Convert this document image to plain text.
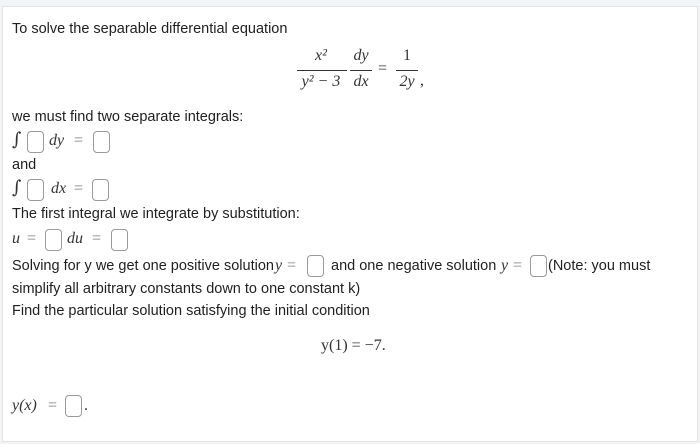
To solve the separable differential equation
x²
y² − 3
dy
dx
=
1
2y ,
we must find two separate integrals:
∫ dy =
and
∫ dx =
The first integral we integrate by substitution:
u = du =
Solving for y we get one positive solution y = and one negative solution y = (Note: you must
simplify all arbitrary constants down to one constant k)
Find the particular solution satisfying the initial condition
y(1) = −7.
y(x) = .
